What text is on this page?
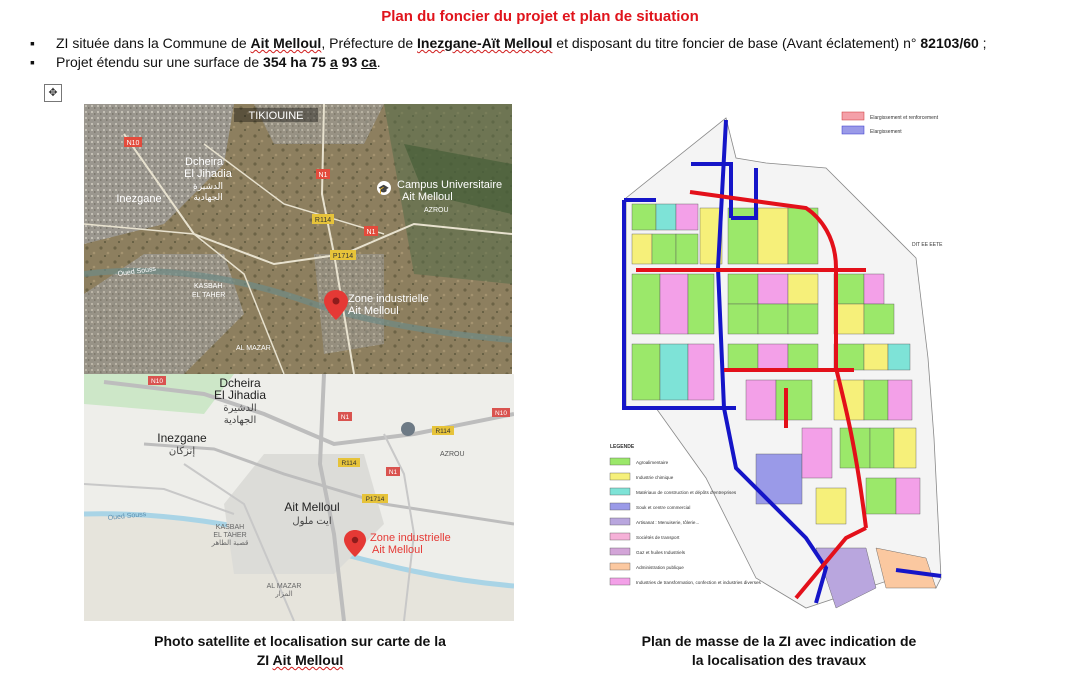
Plan du foncier du projet et plan de situation
▪ ZI située dans la Commune de Ait Melloul, Préfecture de Inezgane-Aït Melloul et disposant du titre foncier de base (Avant éclatement) n° 82103/60 ;
▪ Projet étendu sur une surface de 354 ha 75 a 93 ca.
✥
TIKIOUINE
Dcheira
El Jihadia
الدشيرة
الجهادية
Inezgane
🎓 Campus Universitaire
Ait Melloul
AZROU
KASBAH
EL TAHER
AL MAZAR
Oued Souss
N10
N1
N1
R114
P1714
Zone industrielle
Ait Melloul
Dcheira
El Jihadia
الدشيرة
الجهادية
Inezgane
إنزكان	AZROU
Ait Melloul
ايت ملول
KASBAH
EL TAHER
قصبة الطاهر
AL MAZAR
المزار
Oued Souss
N10
N10
N1
N1
R114
R114
P1714
Zone industrielle
Ait Melloul
Elargissement et renforcement
Elargissement
DIT EE EETE
LEGENDE
Agroalimentaire
Industrie chimique
Matériaux de construction et dépôts d'entreprises
Souk et centre commercial
Artisanat : Menuiserie, tôlerie...
Sociétés de transport
Gaz et huiles Industriels
Administration publique
Industries de transformation, confection et industries diverses
Photo satellite et localisation sur carte de la
ZI Ait Melloul
Plan de masse de la ZI avec indication de
la localisation des travaux
